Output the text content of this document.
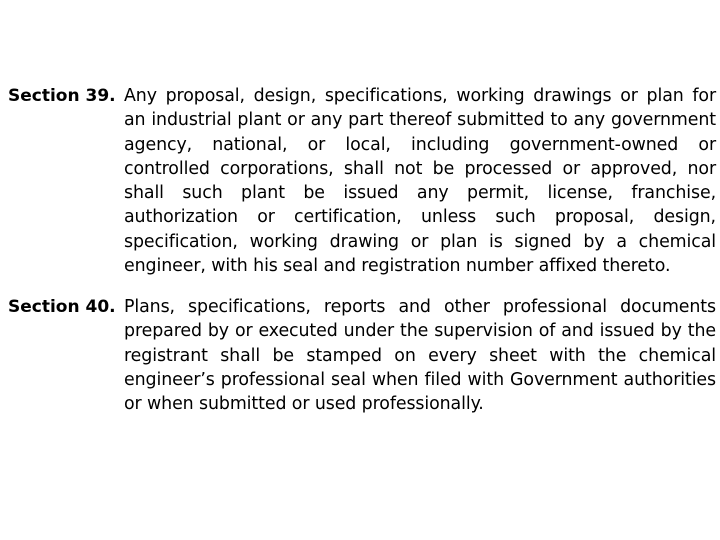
Section 39. Any proposal, design, specifications, working drawings or plan for an industrial plant or any part thereof submitted to any government agency, national, or local, including government-owned or controlled corporations, shall not be processed or approved, nor shall such plant be issued any permit, license, franchise, authorization or certification, unless such proposal, design, specification, working drawing or plan is signed by a chemical engineer, with his seal and registration number affixed thereto.
Section 40. Plans, specifications, reports and other professional documents prepared by or executed under the supervision of and issued by the registrant shall be stamped on every sheet with the chemical engineer’s professional seal when filed with Government authorities or when submitted or used professionally.
